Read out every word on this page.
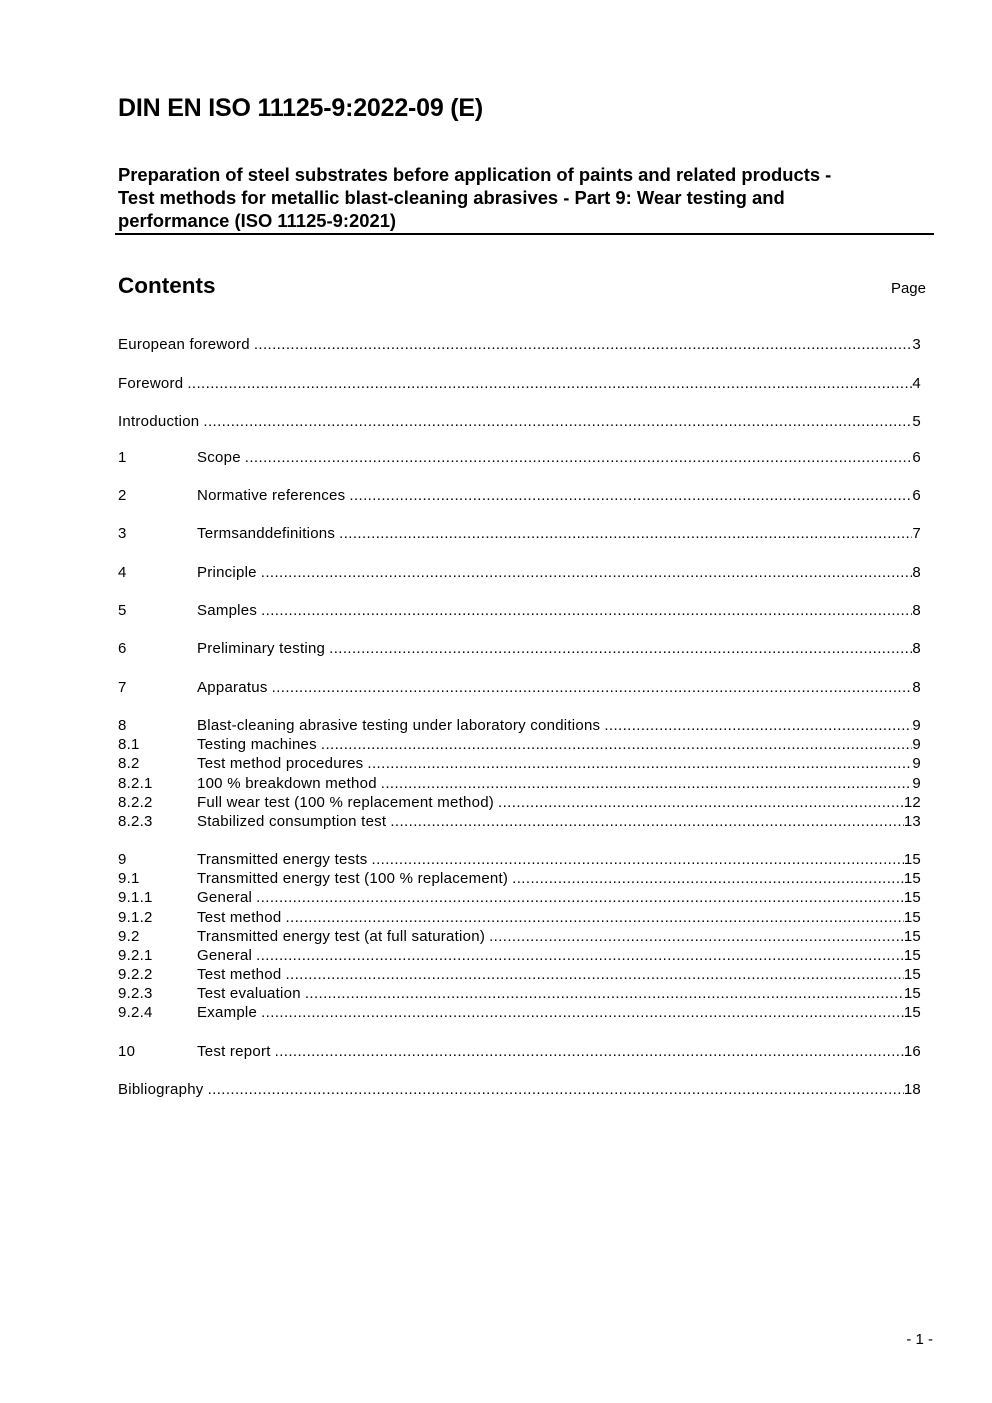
DIN EN ISO 11125-9:2022-09 (E)
Preparation of steel substrates before application of paints and related products -
Test methods for metallic blast-cleaning abrasives - Part 9: Wear testing and
performance (ISO 11125-9:2021)
Contents	Page
European foreword .....	3
Foreword .....	4
Introduction .....	5
1	Scope .....	6
2	Normative references .....	6
3	Termsanddefinitions .....	7
4	Principle .....	8
5	Samples .....	8
6	Preliminary testing .....	8
7	Apparatus .....	8
8	Blast-cleaning abrasive testing under laboratory conditions .....	9
8.1	Testing machines .....	9
8.2	Test method procedures .....	9
8.2.1	100 % breakdown method .....	9
8.2.2	Full wear test (100 % replacement method) .....	12
8.2.3	Stabilized consumption test .....	13
9	Transmitted energy tests .....	15
9.1	Transmitted energy test (100 % replacement) .....	15
9.1.1	General .....	15
9.1.2	Test method .....	15
9.2	Transmitted energy test (at full saturation) .....	15
9.2.1	General .....	15
9.2.2	Test method .....	15
9.2.3	Test evaluation .....	15
9.2.4	Example .....	15
10	Test report .....	16
Bibliography .....	18
- 1 -
